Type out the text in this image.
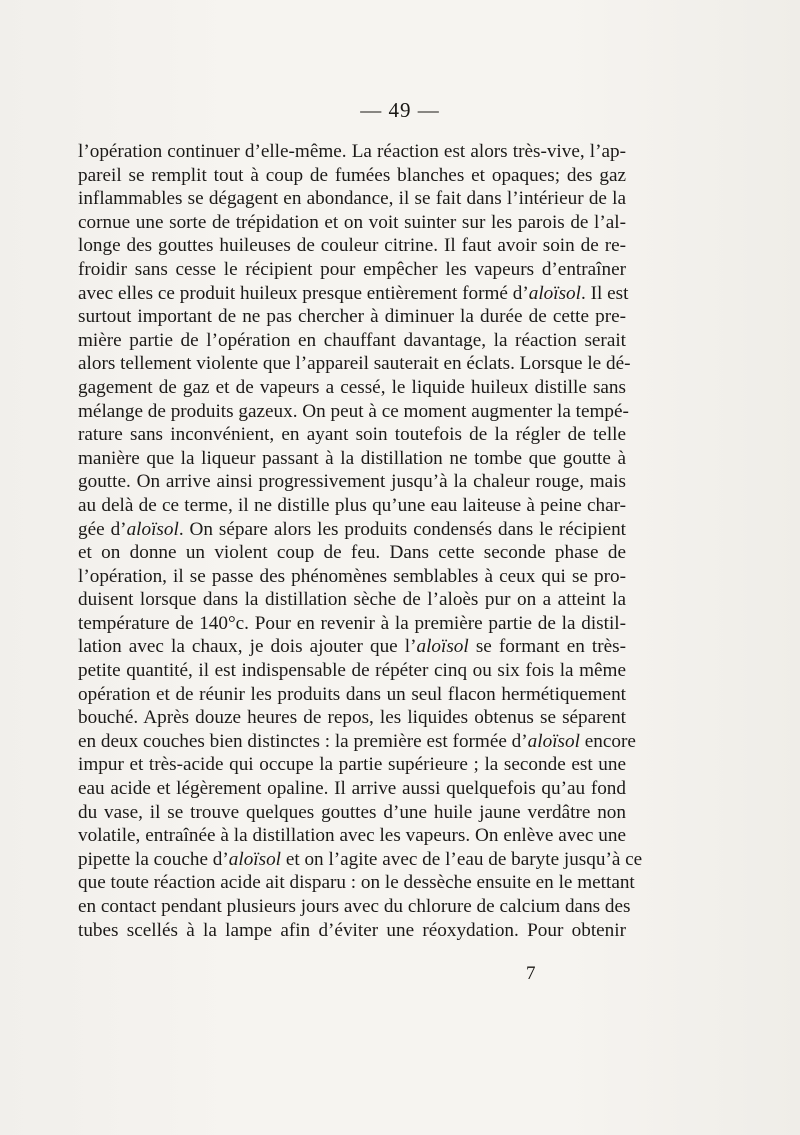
— 49 —
l’opération continuer d’elle-même. La réaction est alors très-vive, l’ap-
pareil se remplit tout à coup de fumées blanches et opaques; des gaz
inflammables se dégagent en abondance, il se fait dans l’intérieur de la
cornue une sorte de trépidation et on voit suinter sur les parois de l’al-
longe des gouttes huileuses de couleur citrine. Il faut avoir soin de re-
froidir sans cesse le récipient pour empêcher les vapeurs d’entraîner
avec elles ce produit huileux presque entièrement formé d’aloïsol. Il est
surtout important de ne pas chercher à diminuer la durée de cette pre-
mière partie de l’opération en chauffant davantage, la réaction serait
alors tellement violente que l’appareil sauterait en éclats. Lorsque le dé-
gagement de gaz et de vapeurs a cessé, le liquide huileux distille sans
mélange de produits gazeux. On peut à ce moment augmenter la tempé-
rature sans inconvénient, en ayant soin toutefois de la régler de telle
manière que la liqueur passant à la distillation ne tombe que goutte à
goutte. On arrive ainsi progressivement jusqu’à la chaleur rouge, mais
au delà de ce terme, il ne distille plus qu’une eau laiteuse à peine char-
gée d’aloïsol. On sépare alors les produits condensés dans le récipient
et on donne un violent coup de feu. Dans cette seconde phase de
l’opération, il se passe des phénomènes semblables à ceux qui se pro-
duisent lorsque dans la distillation sèche de l’aloès pur on a atteint la
température de 140°c. Pour en revenir à la première partie de la distil-
lation avec la chaux, je dois ajouter que l’aloïsol se formant en très-
petite quantité, il est indispensable de répéter cinq ou six fois la même
opération et de réunir les produits dans un seul flacon hermétiquement
bouché. Après douze heures de repos, les liquides obtenus se séparent
en deux couches bien distinctes : la première est formée d’aloïsol encore
impur et très-acide qui occupe la partie supérieure ; la seconde est une
eau acide et légèrement opaline. Il arrive aussi quelquefois qu’au fond
du vase, il se trouve quelques gouttes d’une huile jaune verdâtre non
volatile, entraînée à la distillation avec les vapeurs. On enlève avec une
pipette la couche d’aloïsol et on l’agite avec de l’eau de baryte jusqu’à ce
que toute réaction acide ait disparu : on le dessèche ensuite en le mettant
en contact pendant plusieurs jours avec du chlorure de calcium dans des
tubes scellés à la lampe afin d’éviter une réoxydation. Pour obtenir
7
